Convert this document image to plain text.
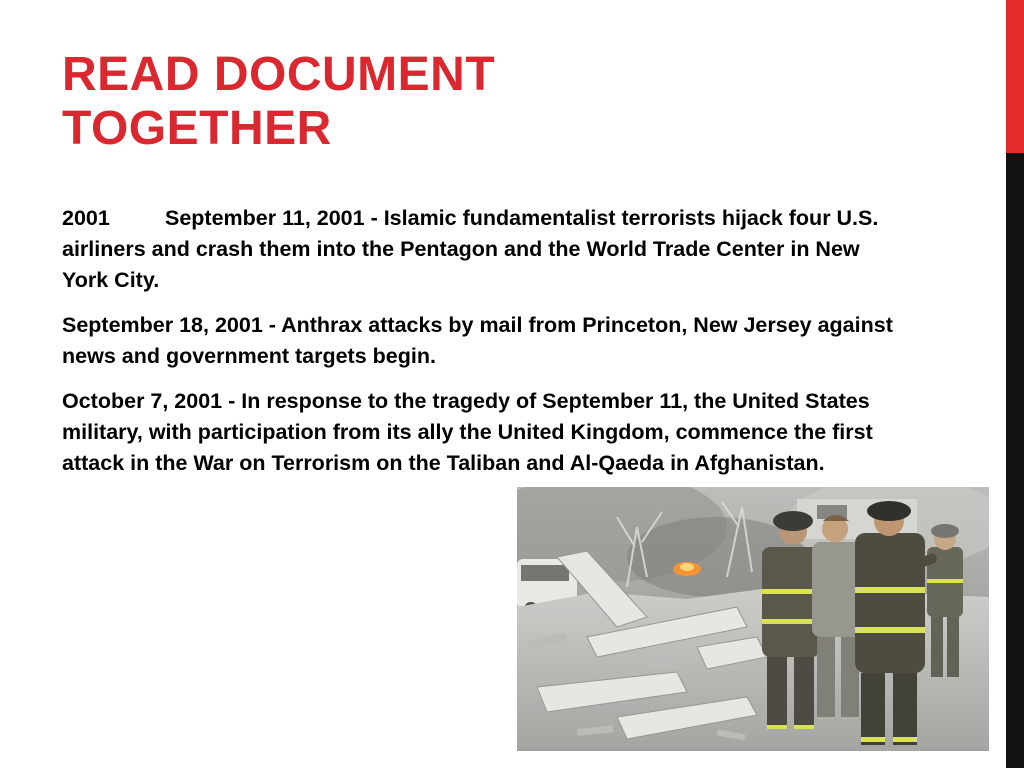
READ DOCUMENT
TOGETHER

2001	September 11, 2001 - Islamic fundamentalist terrorists hijack four U.S. airliners and crash them into the Pentagon and the World Trade Center in New York City.

September 18, 2001 - Anthrax attacks by mail from Princeton, New Jersey against news and government targets begin.

October 7, 2001 - In response to the tragedy of September 11, the United States military, with participation from its ally the United Kingdom, commence the first attack in the War on Terrorism on the Taliban and Al-Qaeda in Afghanistan.
